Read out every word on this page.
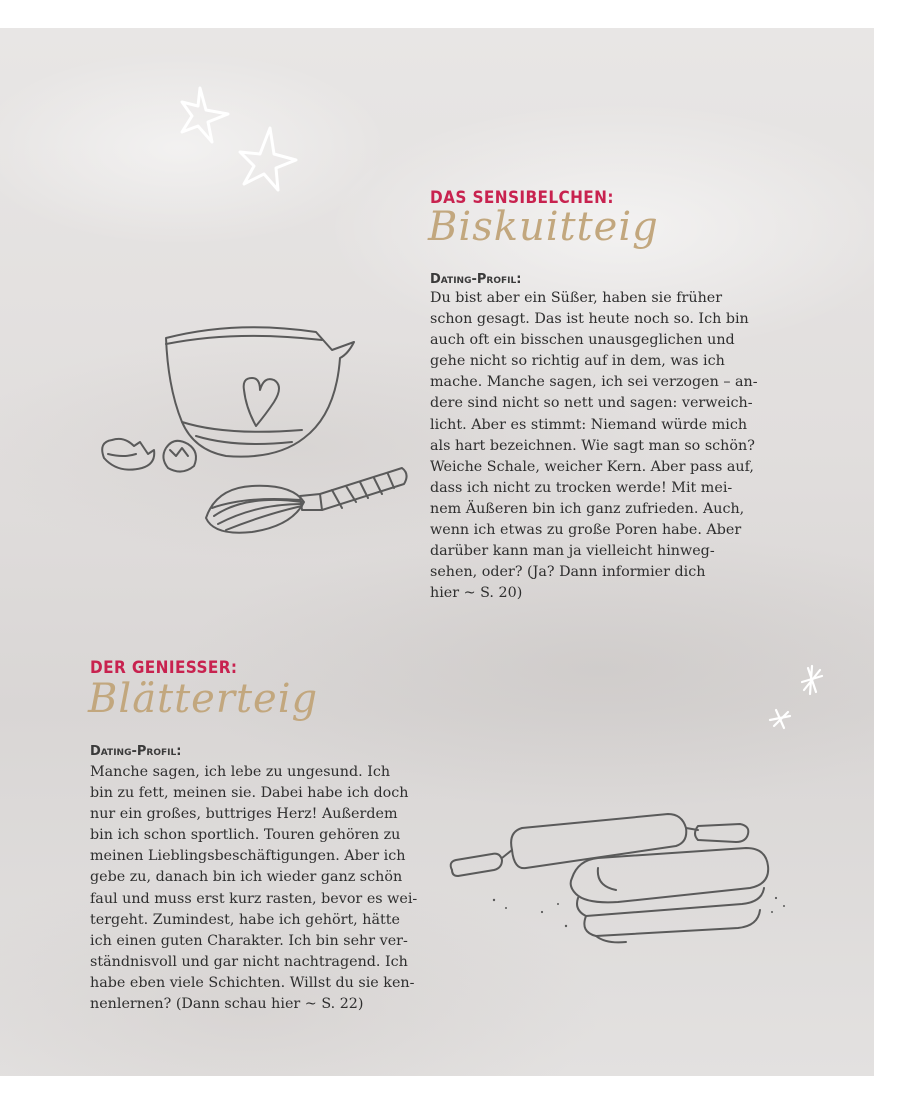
DAS SENSIBELCHEN:
Biskuitteig
Dating-Profil:
Du bist aber ein Süßer, haben sie früher
schon gesagt. Das ist heute noch so. Ich bin
auch oft ein bisschen unausgeglichen und
gehe nicht so richtig auf in dem, was ich
mache. Manche sagen, ich sei verzogen – an-
dere sind nicht so nett und sagen: verweich-
licht. Aber es stimmt: Niemand würde mich
als hart bezeichnen. Wie sagt man so schön?
Weiche Schale, weicher Kern. Aber pass auf,
dass ich nicht zu trocken werde! Mit mei-
nem Äußeren bin ich ganz zufrieden. Auch,
wenn ich etwas zu große Poren habe. Aber
darüber kann man ja vielleicht hinweg-
sehen, oder? (Ja? Dann informier dich
hier ~ S. 20)
DER GENIESSER:
Blätterteig
Dating-Profil:
Manche sagen, ich lebe zu ungesund. Ich
bin zu fett, meinen sie. Dabei habe ich doch
nur ein großes, buttriges Herz! Außerdem
bin ich schon sportlich. Touren gehören zu
meinen Lieblingsbeschäftigungen. Aber ich
gebe zu, danach bin ich wieder ganz schön
faul und muss erst kurz rasten, bevor es wei-
tergeht. Zumindest, habe ich gehört, hätte
ich einen guten Charakter. Ich bin sehr ver-
ständnisvoll und gar nicht nachtragend. Ich
habe eben viele Schichten. Willst du sie ken-
nenlernen? (Dann schau hier ~ S. 22)
